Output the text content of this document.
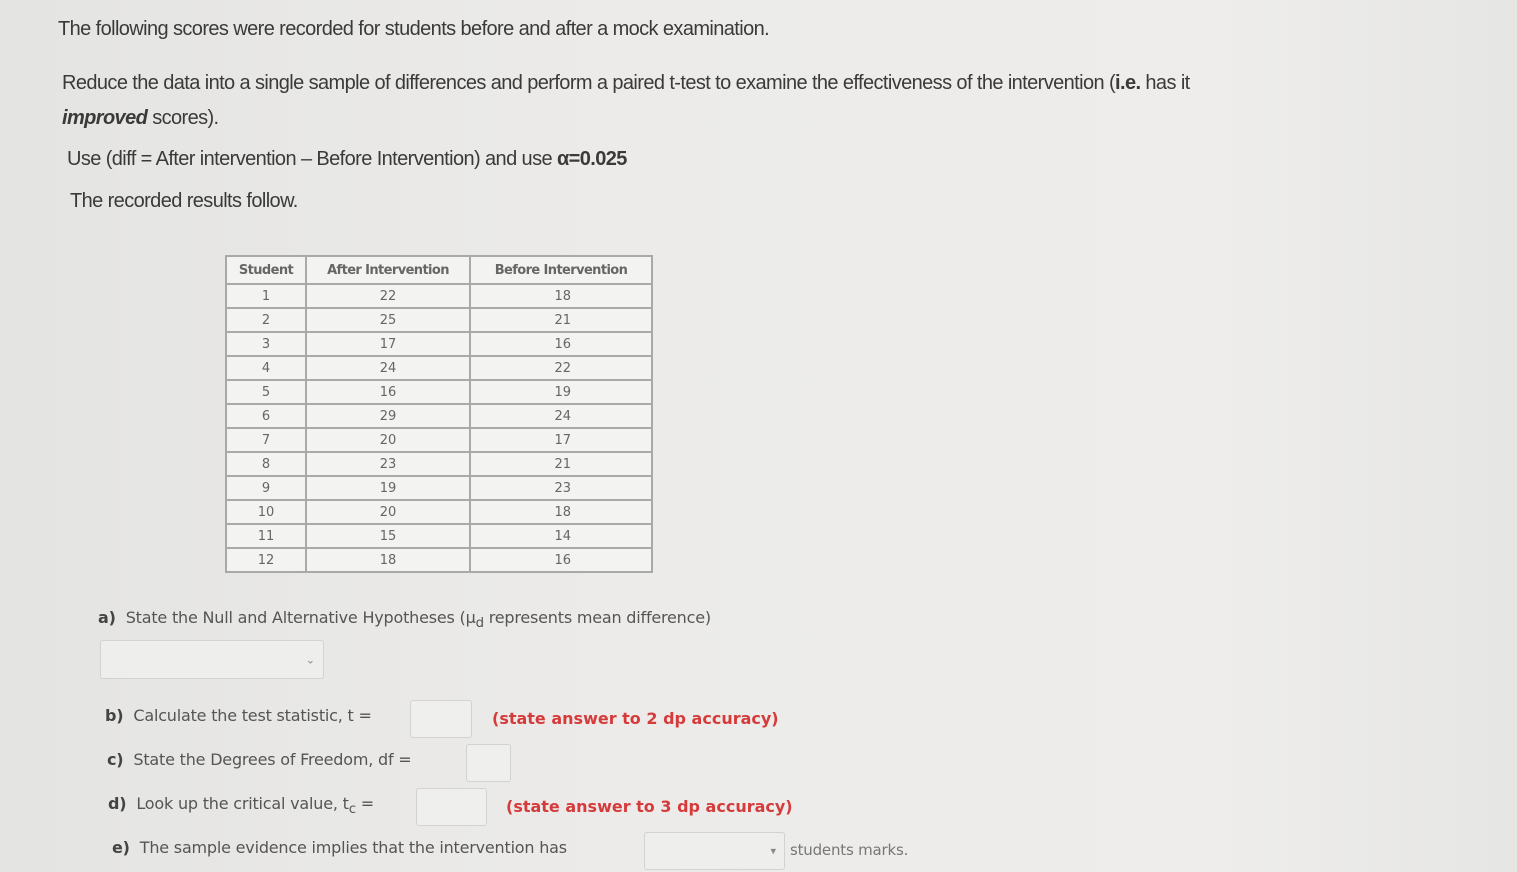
The following scores were recorded for students before and after a mock examination.
Reduce the data into a single sample of differences and perform a paired t-test to examine the effectiveness of the intervention (i.e. has it
improved scores).
Use (diff = After intervention – Before Intervention) and use α=0.025
The recorded results follow.
Student	After Intervention	Before Intervention
1	22	18
2	25	21
3	17	16
4	24	22
5	16	19
6	29	24
7	20	17
8	23	21
9	19	23
10	20	18
11	15	14
12	18	16
a) State the Null and Alternative Hypotheses ($\mu_d$ represents mean difference)
⌄
b) Calculate the test statistic, t =	(state answer to 2 dp accuracy)
c) State the Degrees of Freedom, df =
d) Look up the critical value, $t_c$ =	(state answer to 3 dp accuracy)
e) The sample evidence implies that the intervention has	▾ students marks.
